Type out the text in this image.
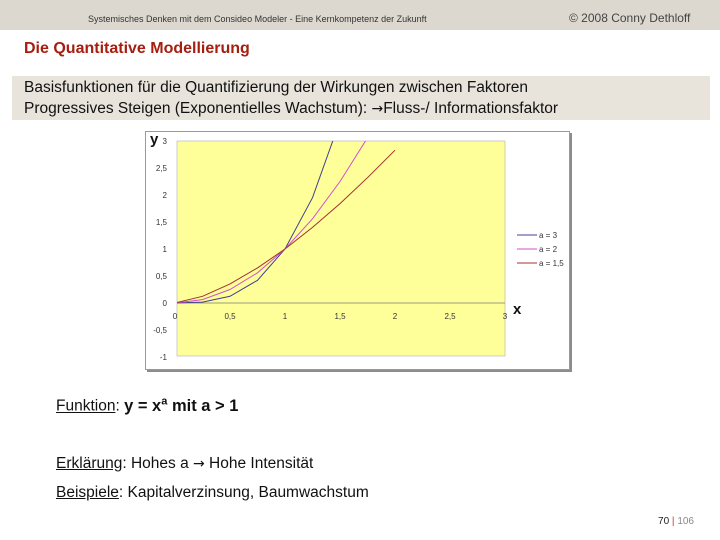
Systemisches Denken mit dem Consideo Modeler - Eine Kernkompetenz der Zukunft	© 2008 Conny Dethloff
Die Quantitative Modellierung
Basisfunktionen für die Quantifizierung der Wirkungen zwischen Faktoren
Progressives Steigen (Exponentielles Wachstum): →Fluss-/ Informationsfaktor
0	0,5	1	1,5	2	2,5	3
-1
-0,5
0
0,5
1
1,5
2
2,5
3
a = 3
a = 2
a = 1,5
y
x
Funktion: $y = x^a$ mit a > 1
Erklärung: Hohes a → Hohe Intensität
Beispiele: Kapitalverzinsung, Baumwachstum
70 | 106
